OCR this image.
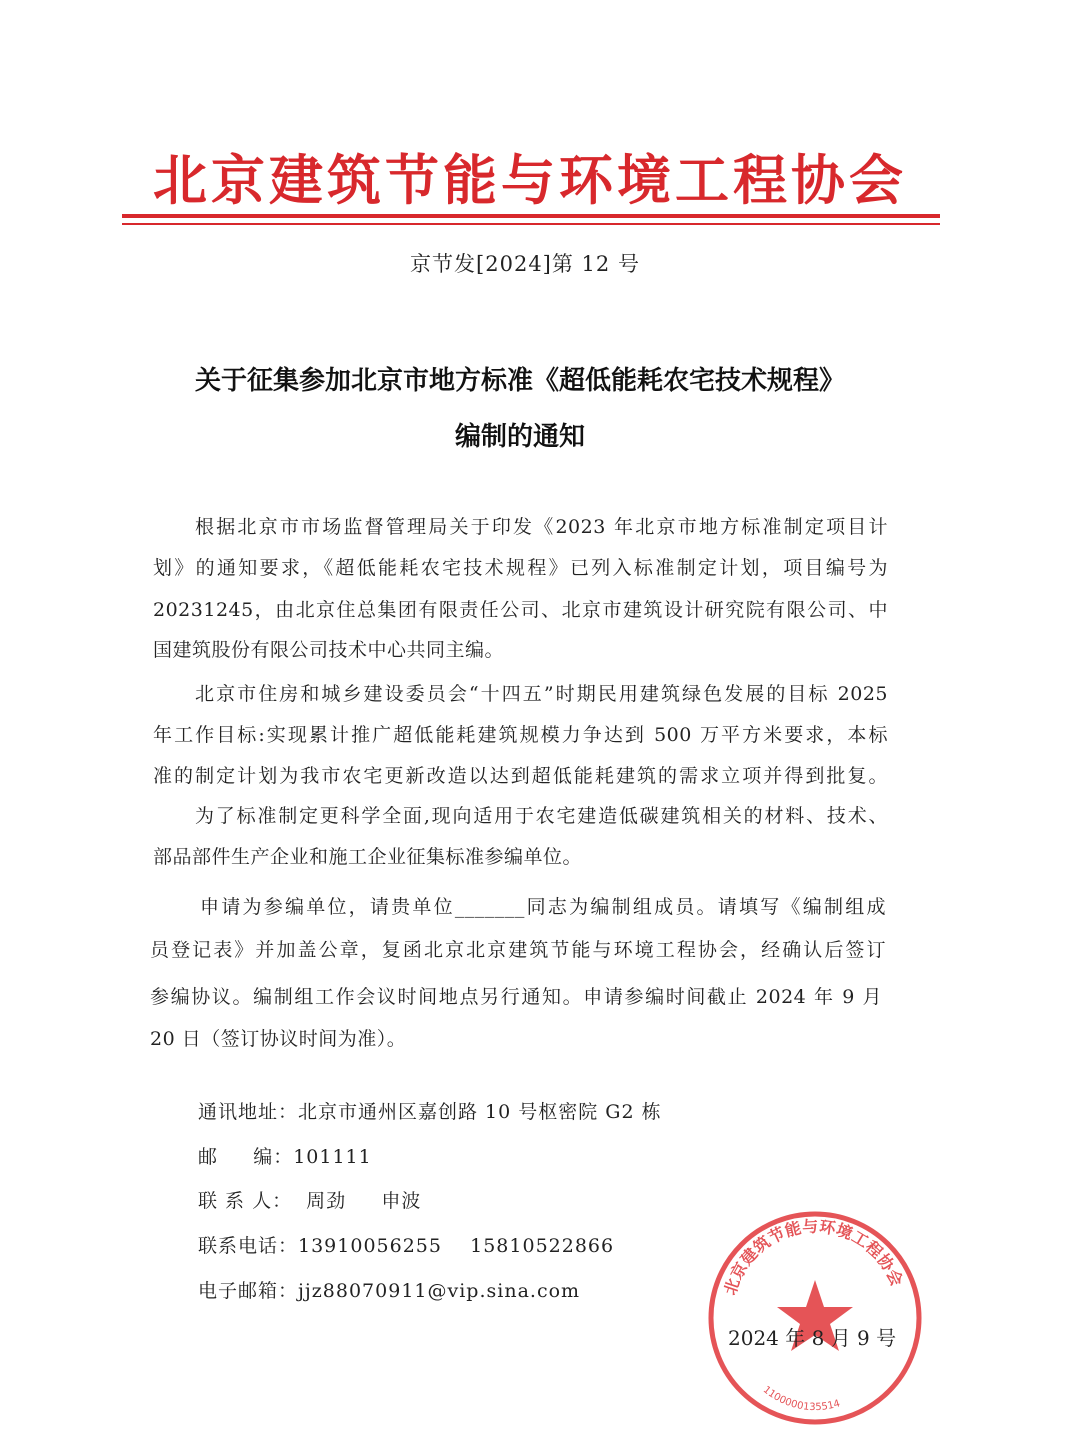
北京建筑节能与环境工程协会
京节发[2024]第 12 号
关于征集参加北京市地方标准《超低能耗农宅技术规程》
编制的通知
根据北京市市场监督管理局关于印发《2023 年北京市地方标准制定项目计
划》的通知要求，《超低能耗农宅技术规程》已列入标准制定计划，项目编号为
20231245，由北京住总集团有限责任公司、北京市建筑设计研究院有限公司、中
国建筑股份有限公司技术中心共同主编。
北京市住房和城乡建设委员会“十四五”时期民用建筑绿色发展的目标 2025
年工作目标:实现累计推广超低能耗建筑规模力争达到 500 万平方米要求，本标
准的制定计划为我市农宅更新改造以达到超低能耗建筑的需求立项并得到批复。
为了标准制定更科学全面,现向适用于农宅建造低碳建筑相关的材料、技术、
部品部件生产企业和施工企业征集标准参编单位。
申请为参编单位，请贵单位_______同志为编制组成员。请填写《编制组成
员登记表》并加盖公章，复函北京北京建筑节能与环境工程协会，经确认后签订
参编协议。编制组工作会议时间地点另行通知。申请参编时间截止 2024 年 9 月
20 日（签订协议时间为准）。
通讯地址：北京市通州区嘉创路 10 号枢密院 G2 栋
邮     编：101111
联 系 人：  周劲     申波
联系电话：13910056255    15810522866
电子邮箱：jjz88070911@vip.sina.com	北京建筑节能与环境工程协会
1100000135514
2024 年 8 月 9 号
